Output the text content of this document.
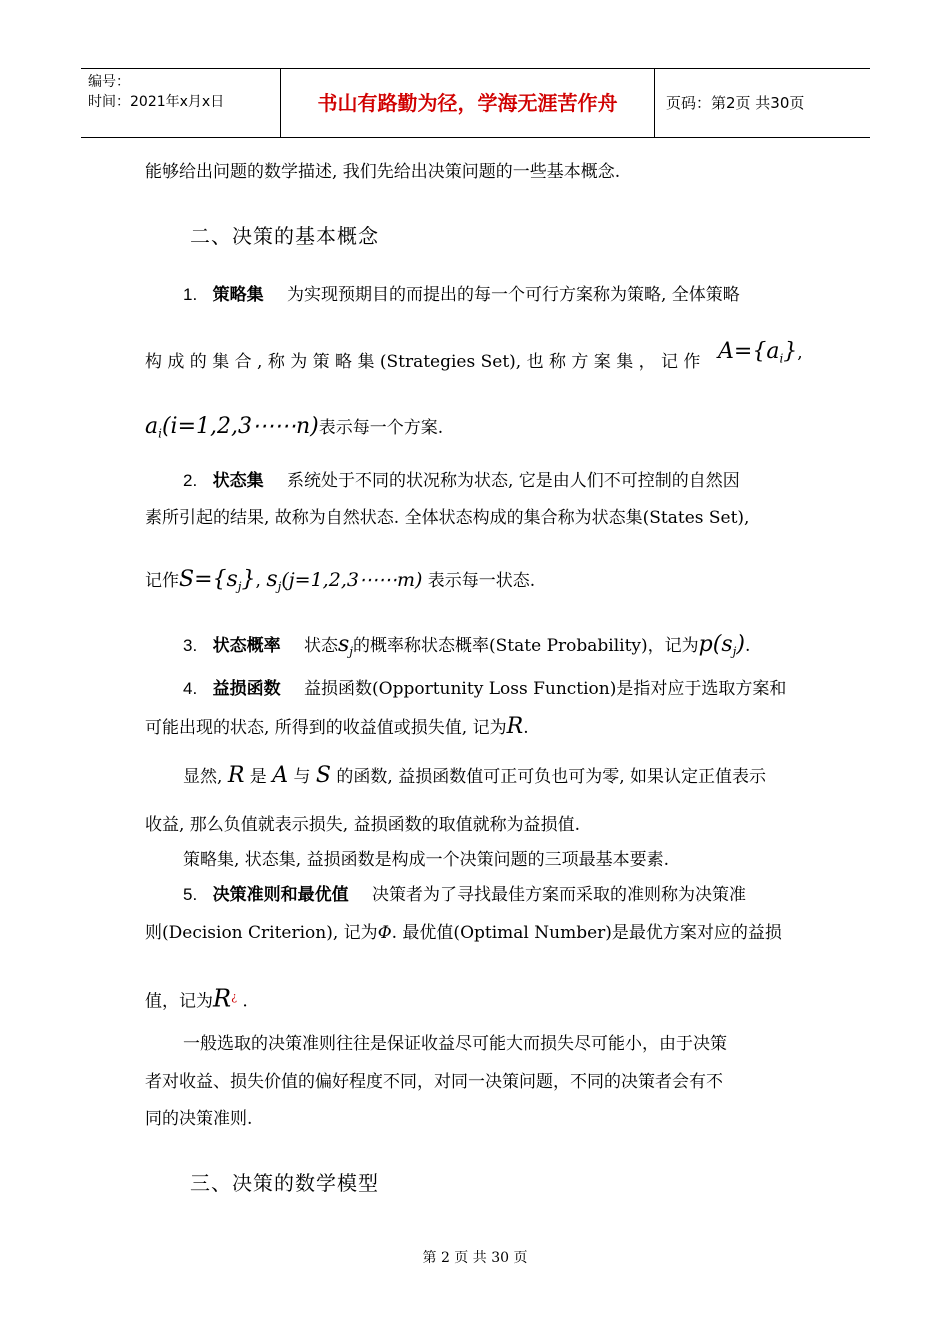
编号：
时间：2021年x月x日	书山有路勤为径，学海无涯苦作舟	页码：第2页 共30页
能够给出问题的数学描述, 我们先给出决策问题的一些基本概念.
二、决策的基本概念
1. 策略集 为实现预期目的而提出的每一个可行方案称为策略, 全体策略
构 成 的 集 合 , 称 为 策 略 集 (Strategies Set), 也 称 方 案 集 ， 记 作 $A=\{a_i\}$,
$a_i(i=1,2,3\cdots\cdots n)$表示每一个方案.
2. 状态集 系统处于不同的状况称为状态, 它是由人们不可控制的自然因
素所引起的结果, 故称为自然状态. 全体状态构成的集合称为状态集(States Set),
记作$S=\{s_j\}$, $s_j(j=1,2,3\cdots\cdots m)$ 表示每一状态.
3. 状态概率 状态$s_j$的概率称状态概率(State Probability)，记为$p(s_j)$.
4. 益损函数 益损函数(Opportunity Loss Function)是指对应于选取方案和
可能出现的状态, 所得到的收益值或损失值, 记为R.
显然, R 是 A 与 S 的函数, 益损函数值可正可负也可为零, 如果认定正值表示
收益, 那么负值就表示损失, 益损函数的取值就称为益损值.
策略集, 状态集, 益损函数是构成一个决策问题的三项最基本要素.
5. 决策准则和最优值 决策者为了寻找最佳方案而采取的准则称为决策准
则(Decision Criterion), 记为Φ. 最优值(Optimal Number)是最优方案对应的益损
值，记为R¿ .
一般选取的决策准则往往是保证收益尽可能大而损失尽可能小，由于决策
者对收益、损失价值的偏好程度不同，对同一决策问题，不同的决策者会有不
同的决策准则.
三、决策的数学模型
第 2 页 共 30 页
